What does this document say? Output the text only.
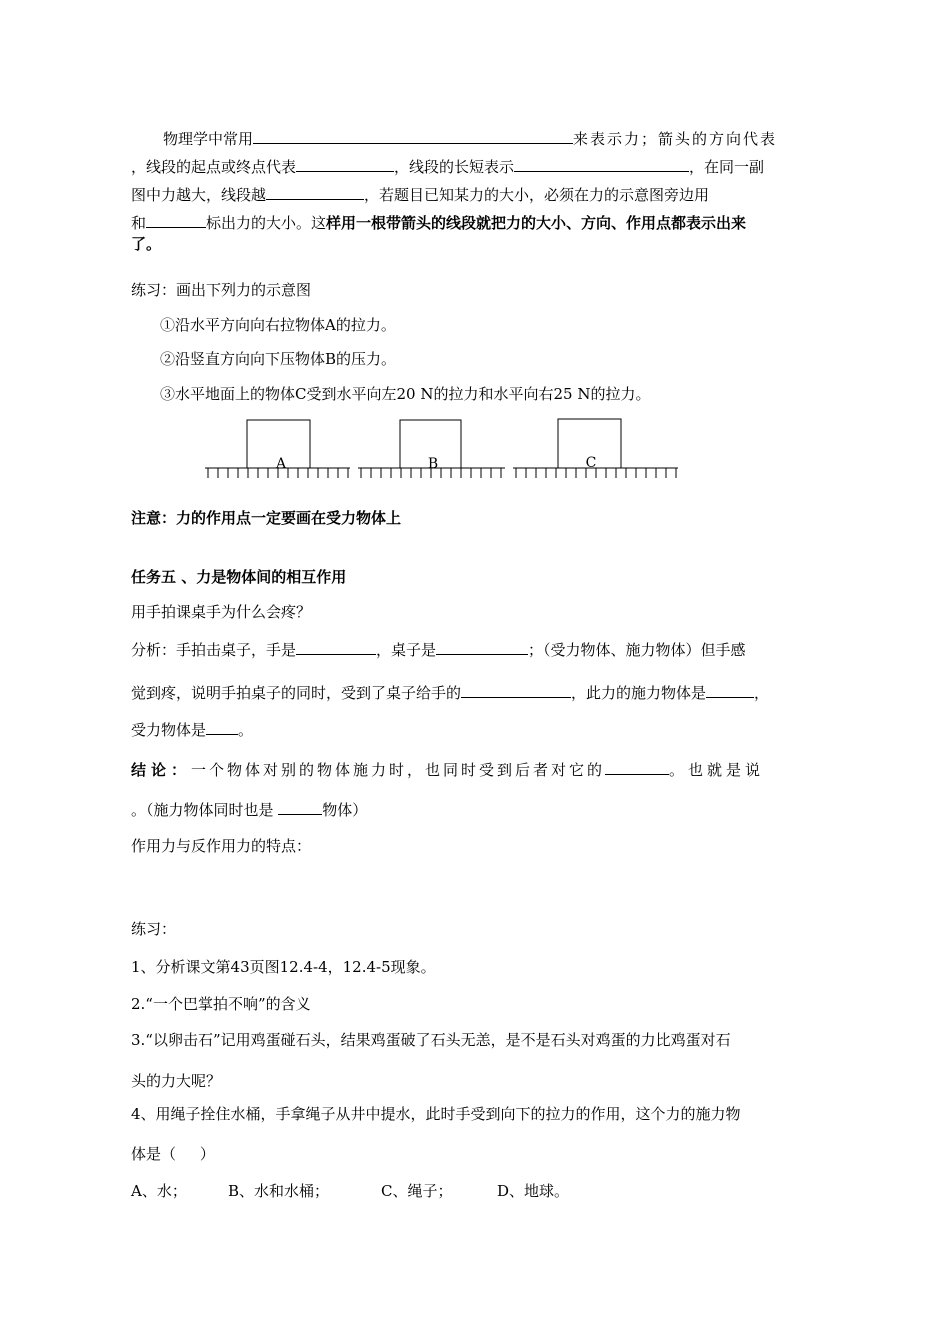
物理学中常用	来表示力；箭头的方向代表
，线段的起点或终点代表	，线段的长短表示	，在同一副
图中力越大，线段越	，若题目已知某力的大小，必须在力的示意图旁边用
和	标出力的大小。这样用一根带箭头的线段就把力的大小、方向、作用点都表示出来
了。
练习：画出下列力的示意图
①沿水平方向向右拉物体A的拉力。
②沿竖直方向向下压物体B的压力。
③水平地面上的物体C受到水平向左20 N的拉力和水平向右25 N的拉力。
A	B	C
注意：力的作用点一定要画在受力物体上
任务五 、力是物体间的相互作用
用手拍课桌手为什么会疼？
分析：手拍击桌子，手是	，桌子是	；（受力物体、施力物体）但手感
觉到疼，说明手拍桌子的同时，受到了桌子给手的	，此力的施力物体是	，
受力物体是 。
结论：一个物体对别的物体施力时，也同时受到后者对它的	。也就是说
。（施力物体同时也是	物体）
作用力与反作用力的特点：
练习：
1、分析课文第43页图12.4-4，12.4-5现象。
2.“一个巴掌拍不响”的含义
3.“以卵击石”记用鸡蛋碰石头，结果鸡蛋破了石头无恙，是不是石头对鸡蛋的力比鸡蛋对石
头的力大呢？
4、用绳子拴住水桶，手拿绳子从井中提水，此时手受到向下的拉力的作用，这个力的施力物
体是（     ）
A、水；	B、水和水桶；	C、绳子；	D、地球。
